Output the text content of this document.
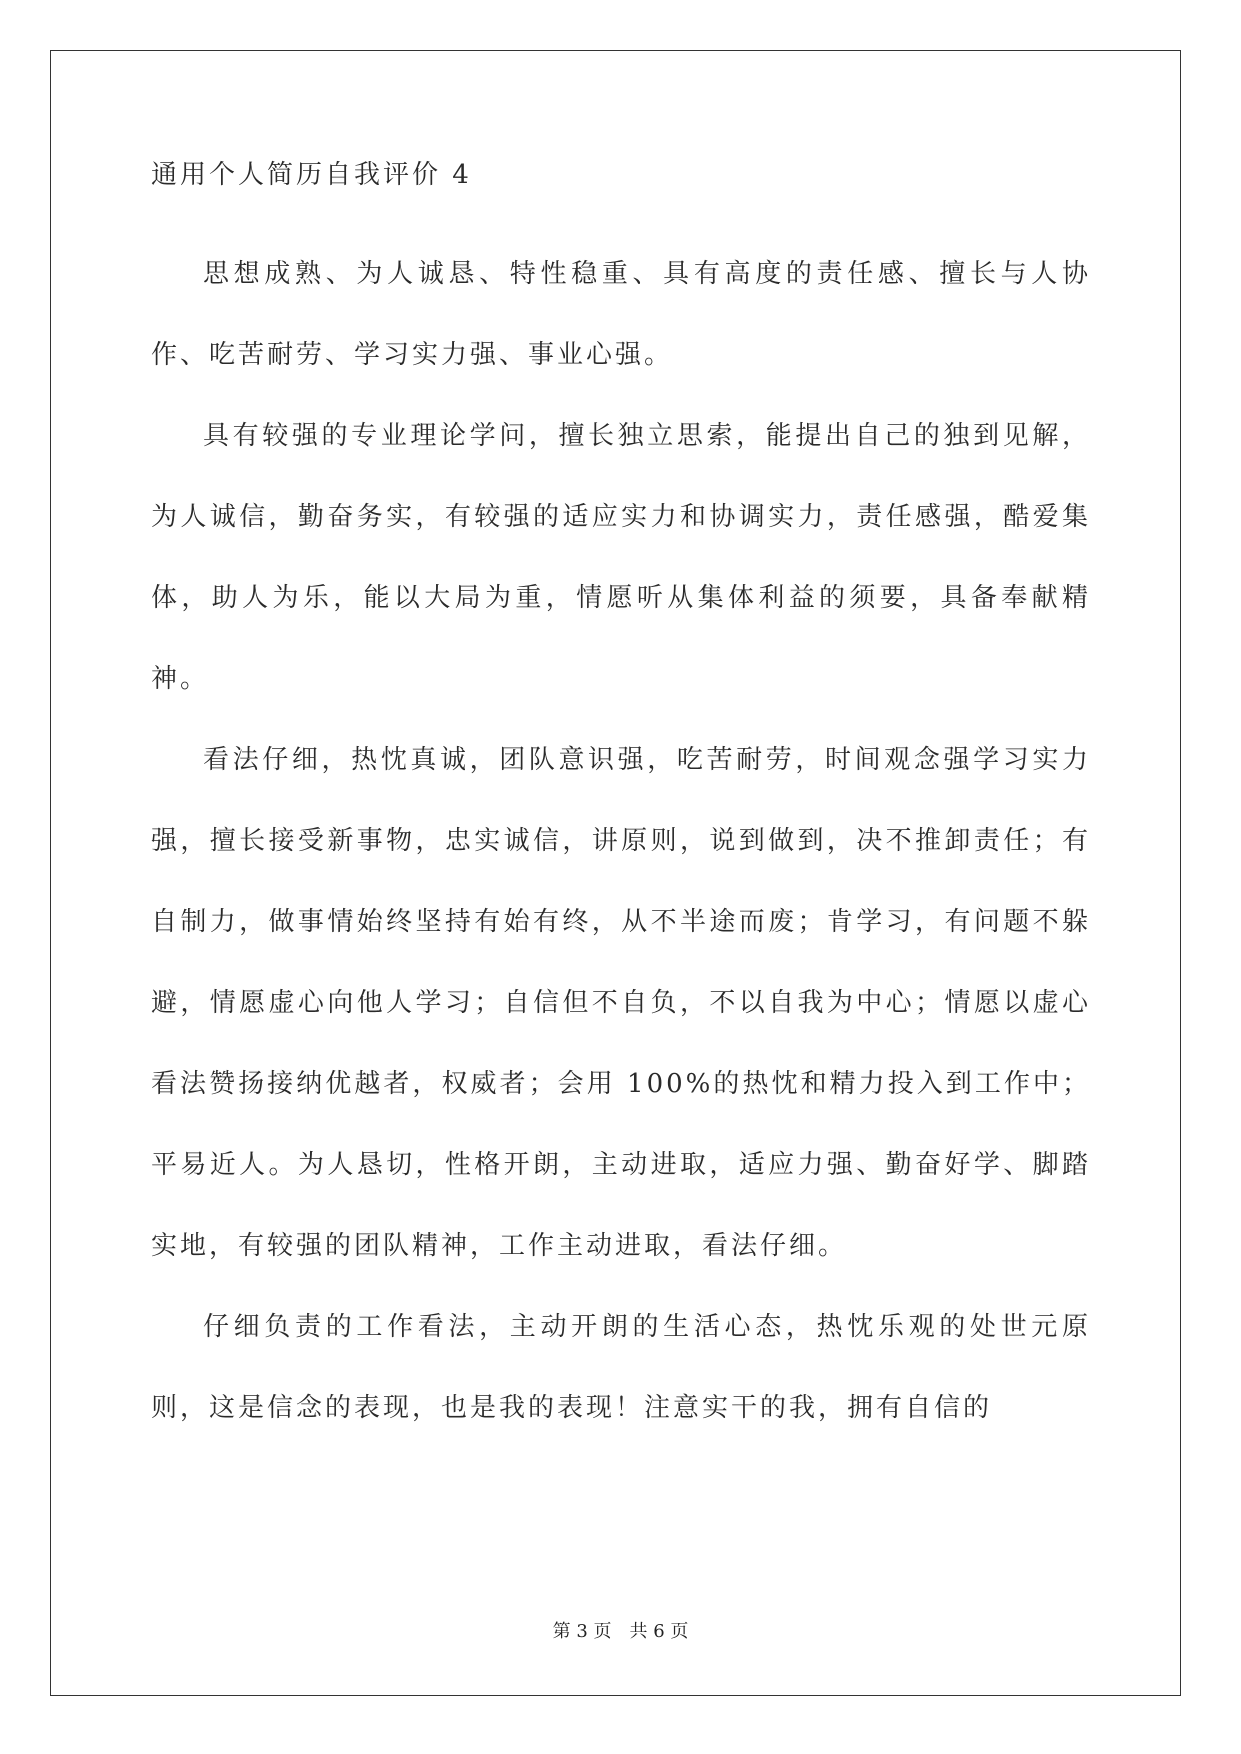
通用个人简历自我评价 4

思想成熟、为人诚恳、特性稳重、具有高度的责任感、擅长与人协作、吃苦耐劳、学习实力强、事业心强。

具有较强的专业理论学问，擅长独立思索，能提出自己的独到见解，为人诚信，勤奋务实，有较强的适应实力和协调实力，责任感强，酷爱集体，助人为乐，能以大局为重，情愿听从集体利益的须要，具备奉献精神。

看法仔细，热忱真诚，团队意识强，吃苦耐劳，时间观念强学习实力强，擅长接受新事物，忠实诚信，讲原则，说到做到，决不推卸责任；有自制力，做事情始终坚持有始有终，从不半途而废；肯学习，有问题不躲避，情愿虚心向他人学习；自信但不自负，不以自我为中心；情愿以虚心看法赞扬接纳优越者，权威者；会用 100%的热忱和精力投入到工作中；平易近人。为人恳切，性格开朗，主动进取，适应力强、勤奋好学、脚踏实地，有较强的团队精神，工作主动进取，看法仔细。

仔细负责的工作看法，主动开朗的生活心态，热忱乐观的处世元原则，这是信念的表现，也是我的表现！注意实干的我，拥有自信的

第 3 页　共 6 页
